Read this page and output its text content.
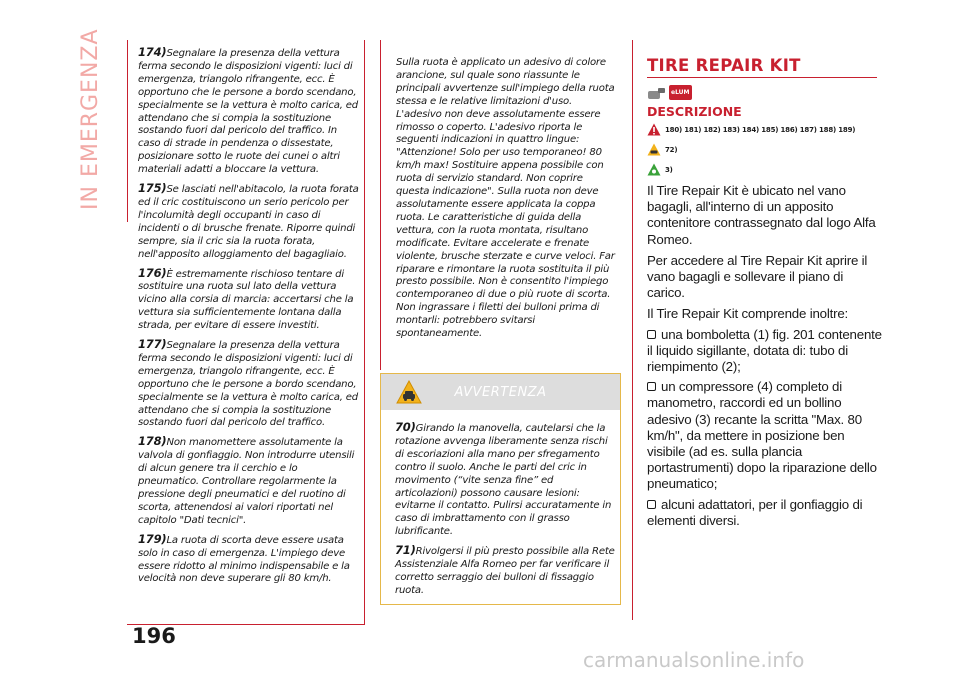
IN EMERGENZA	174)Segnalare la presenza della vettura ferma secondo le disposizioni vigenti: luci di emergenza, triangolo rifrangente, ecc. È opportuno che le persone a bordo scendano, specialmente se la vettura è molto carica, ed attendano che si compia la sostituzione sostando fuori dal pericolo del traffico. In caso di strade in pendenza o dissestate, posizionare sotto le ruote dei cunei o altri materiali adatti a bloccare la vettura.

175)Se lasciati nell'abitacolo, la ruota forata ed il cric costituiscono un serio pericolo per l'incolumità degli occupanti in caso di incidenti o di brusche frenate. Riporre quindi sempre, sia il cric sia la ruota forata, nell'apposito alloggiamento del bagagliaio.

176)È estremamente rischioso tentare di sostituire una ruota sul lato della vettura vicino alla corsia di marcia: accertarsi che la vettura sia sufficientemente lontana dalla strada, per evitare di essere investiti.

177)Segnalare la presenza della vettura ferma secondo le disposizioni vigenti: luci di emergenza, triangolo rifrangente, ecc. È opportuno che le persone a bordo scendano, specialmente se la vettura è molto carica, ed attendano che si compia la sostituzione sostando fuori dal pericolo del traffico.

178)Non manomettere assolutamente la valvola di gonfiaggio. Non introdurre utensili di alcun genere tra il cerchio e lo pneumatico. Controllare regolarmente la pressione degli pneumatici e del ruotino di scorta, attenendosi ai valori riportati nel capitolo "Dati tecnici".

179)La ruota di scorta deve essere usata solo in caso di emergenza. L'impiego deve essere ridotto al minimo indispensabile e la velocità non deve superare gli 80 km/h.

Sulla ruota è applicato un adesivo di colore arancione, sul quale sono riassunte le principali avvertenze sull'impiego della ruota stessa e le relative limitazioni d'uso. L'adesivo non deve assolutamente essere rimosso o coperto. L'adesivo riporta le seguenti indicazioni in quattro lingue: "Attenzione! Solo per uso temporaneo! 80 km/h max! Sostituire appena possibile con ruota di servizio standard. Non coprire questa indicazione". Sulla ruota non deve assolutamente essere applicata la coppa ruota. Le caratteristiche di guida della vettura, con la ruota montata, risultano modificate. Evitare accelerate e frenate violente, brusche sterzate e curve veloci. Far riparare e rimontare la ruota sostituita il più presto possibile. Non è consentito l'impiego contemporaneo di due o più ruote di scorta. Non ingrassare i filetti dei bulloni prima di montarli: potrebbero svitarsi spontaneamente.

AVVERTENZA

70)Girando la manovella, cautelarsi che la rotazione avvenga liberamente senza rischi di escoriazioni alla mano per sfregamento contro il suolo. Anche le parti del cric in movimento (“vite senza fine” ed articolazioni) possono causare lesioni: evitarne il contatto. Pulirsi accuratamente in caso di imbrattamento con il grasso lubrificante.

71)Rivolgersi il più presto possibile alla Rete Assistenziale Alfa Romeo per far verificare il corretto serraggio dei bulloni di fissaggio ruota.

196
TIRE REPAIR KIT
eLUM
DESCRIZIONE
180) 181) 182) 183) 184) 185) 186) 187) 188) 189)
72)
3)

Il Tire Repair Kit è ubicato nel vano bagagli, all'interno di un apposito contenitore contrassegnato dal logo Alfa Romeo.

Per accedere al Tire Repair Kit aprire il vano bagagli e sollevare il piano di carico.

Il Tire Repair Kit comprende inoltre:

una bomboletta (1) fig. 201 contenente il liquido sigillante, dotata di: tubo di riempimento (2);

un compressore (4) completo di manometro, raccordi ed un bollino adesivo (3) recante la scritta "Max. 80 km/h", da mettere in posizione ben visibile (ad es. sulla plancia portastrumenti) dopo la riparazione dello pneumatico;

alcuni adattatori, per il gonfiaggio di elementi diversi.

carmanualsonline.info
